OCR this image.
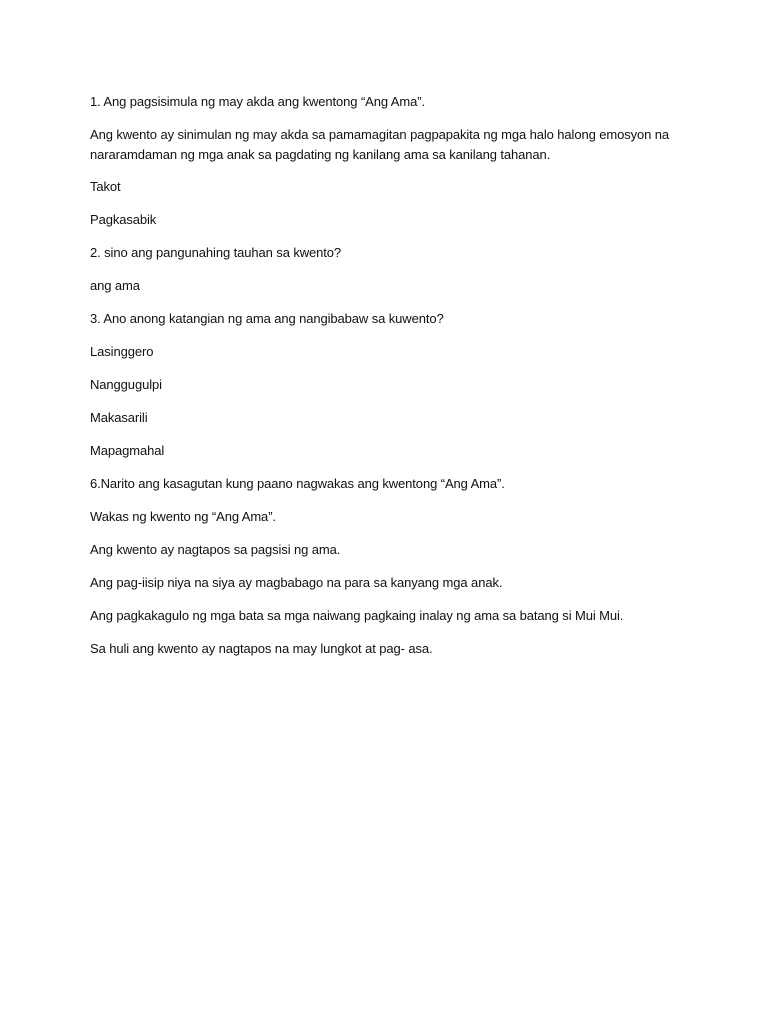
1. Ang pagsisimula ng may akda ang kwentong “Ang Ama”.

Ang kwento ay sinimulan ng may akda sa pamamagitan pagpapakita ng mga halo halong emosyon na nararamdaman ng mga anak sa pagdating ng kanilang ama sa kanilang tahanan.

Takot

Pagkasabik

2. sino ang pangunahing tauhan sa kwento?

ang ama

3. Ano anong katangian ng ama ang nangibabaw sa kuwento?

Lasinggero

Nanggugulpi

Makasarili

Mapagmahal

6.Narito ang kasagutan kung paano nagwakas ang kwentong “Ang Ama”.

Wakas ng kwento ng “Ang Ama”.

Ang kwento ay nagtapos sa pagsisi ng ama.

Ang pag-iisip niya na siya ay magbabago na para sa kanyang mga anak.

Ang pagkakagulo ng mga bata sa mga naiwang pagkaing inalay ng ama sa batang si Mui Mui.

Sa huli ang kwento ay nagtapos na may lungkot at pag- asa.
